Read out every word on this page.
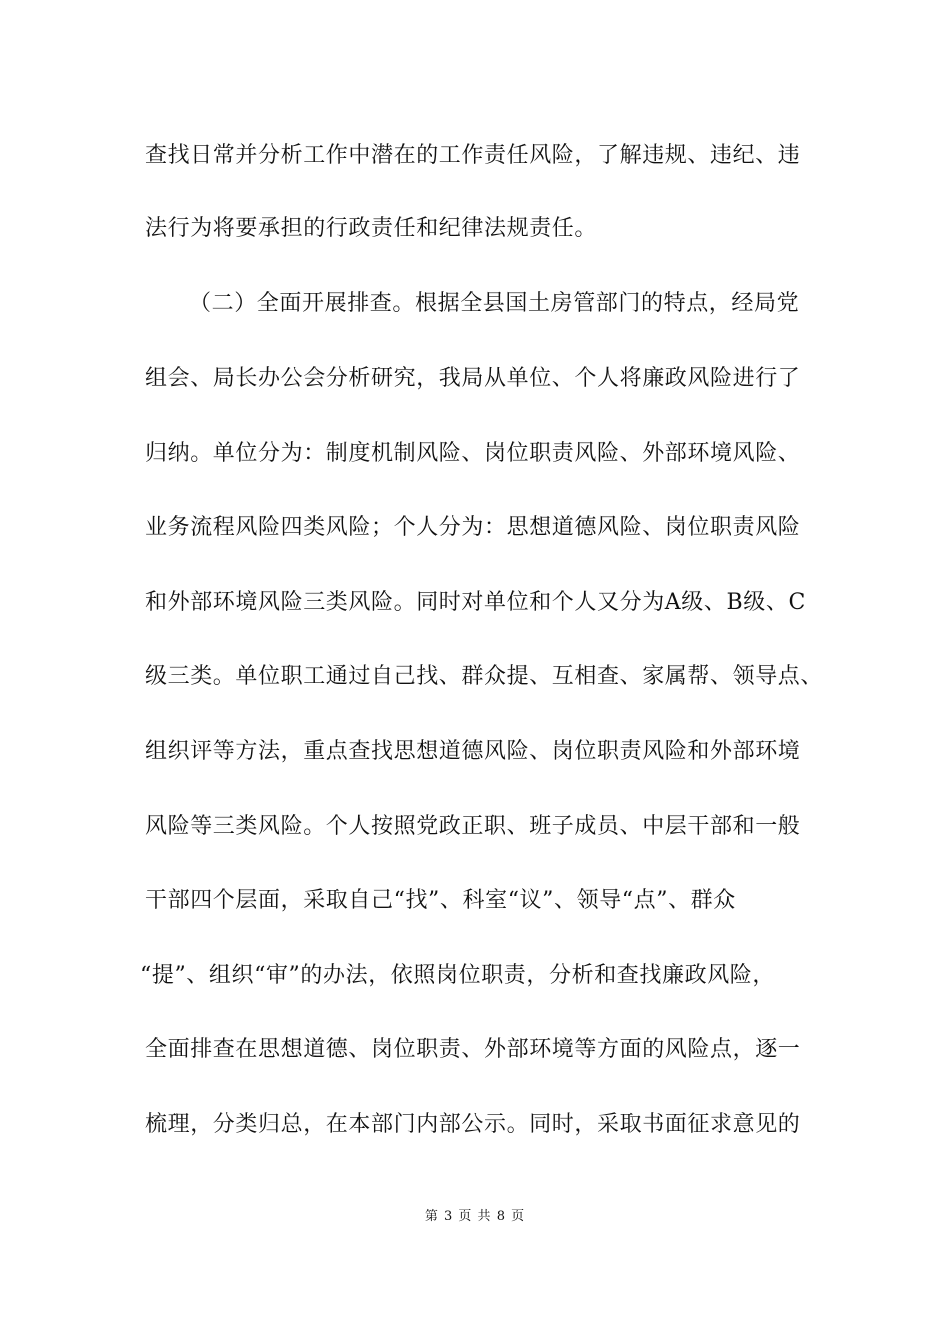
查找日常并分析工作中潜在的工作责任风险，了解违规、违纪、违
法行为将要承担的行政责任和纪律法规责任。
（二）全面开展排查。根据全县国土房管部门的特点，经局党
组会、局长办公会分析研究，我局从单位、个人将廉政风险进行了
归纳。单位分为：制度机制风险、岗位职责风险、外部环境风险、
业务流程风险四类风险；个人分为：思想道德风险、岗位职责风险
和外部环境风险三类风险。同时对单位和个人又分为A级、B级、C
级三类。单位职工通过自己找、群众提、互相查、家属帮、领导点、
组织评等方法，重点查找思想道德风险、岗位职责风险和外部环境
风险等三类风险。个人按照党政正职、班子成员、中层干部和一般
干部四个层面，采取自己“找”、科室“议”、领导“点”、群众
“提”、组织“审”的办法，依照岗位职责，分析和查找廉政风险，
全面排查在思想道德、岗位职责、外部环境等方面的风险点，逐一
梳理，分类归总，在本部门内部公示。同时，采取书面征求意见的
第 3 页 共 8 页
